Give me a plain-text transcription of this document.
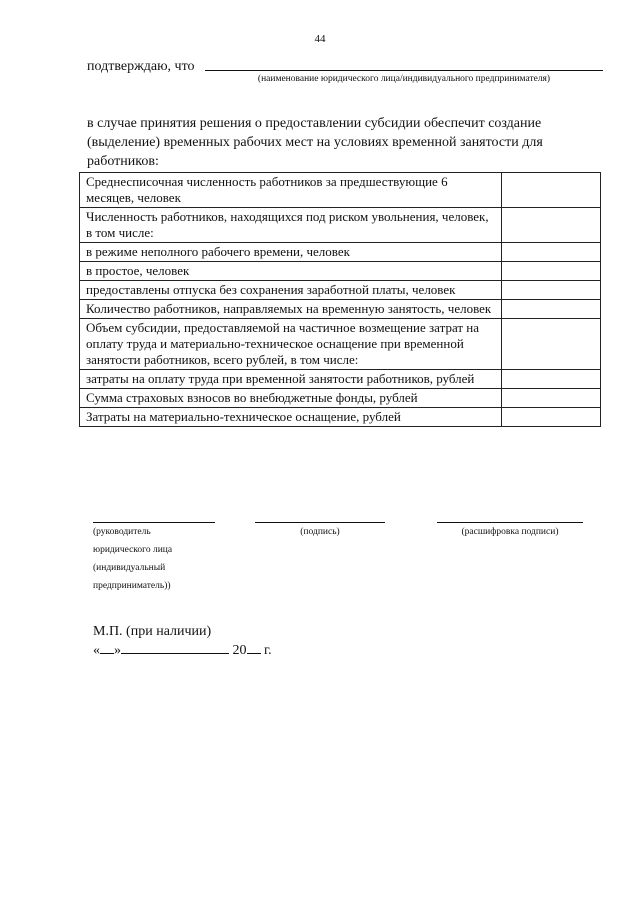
44
подтверждаю, что
(наименование юридического лица/индивидуального предпринимателя)
в случае принятия решения о предоставлении субсидии обеспечит создание (выделение) временных рабочих мест на условиях временной занятости для работников:
Среднесписочная численность работников за предшествующие 6 месяцев, человек	
Численность работников, находящихся под риском увольнения, человек, в том числе:	
в режиме неполного рабочего времени, человек	
в простое, человек	
предоставлены отпуска без сохранения заработной платы, человек	
Количество работников, направляемых на временную занятость, человек	
Объем субсидии, предоставляемой на частичное возмещение затрат на оплату труда и материально-техническое оснащение при временной занятости работников, всего рублей, в том числе:	
затраты на оплату труда при временной занятости работников, рублей	
Сумма страховых взносов во внебюджетные фонды, рублей	
Затраты на материально-техническое оснащение, рублей	
(руководитель
юридического лица
(индивидуальный
предприниматель))
(подпись)	(расшифровка подписи)
М.П. (при наличии)
« »	20 г.
